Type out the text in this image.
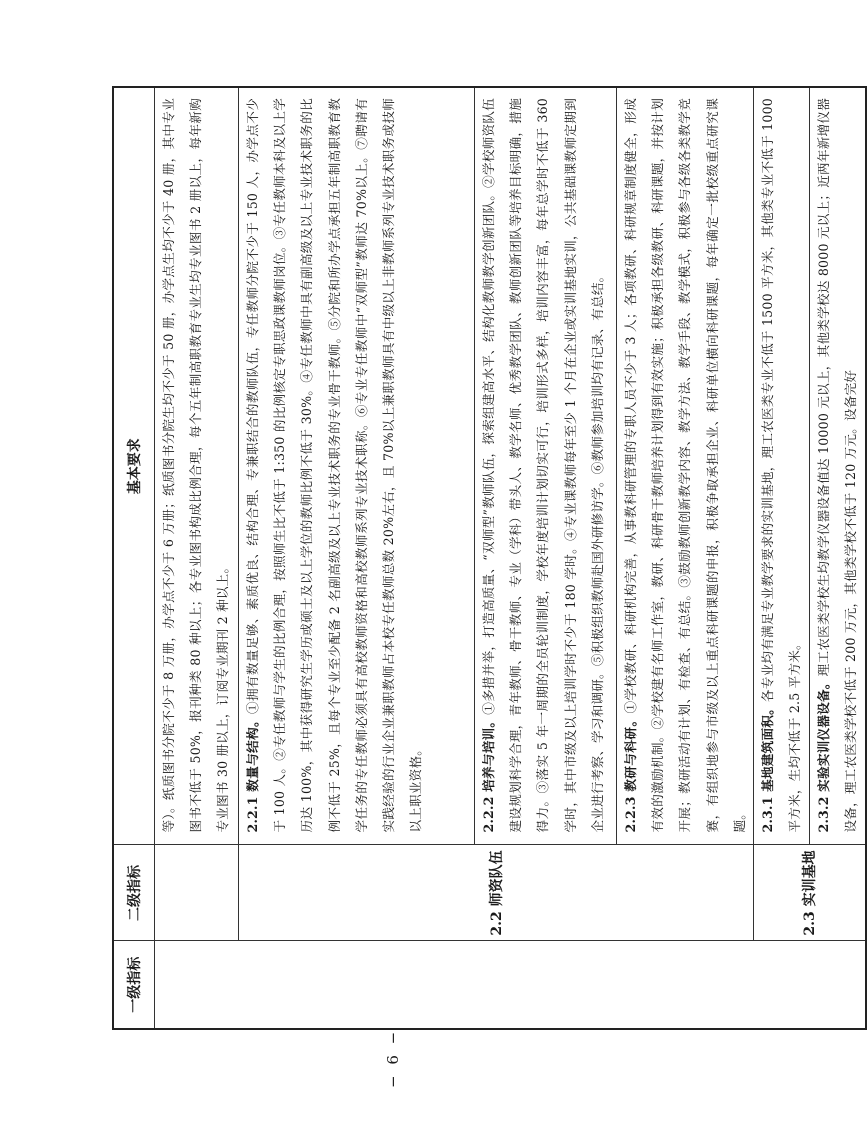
一级指标	二级指标	基本要求

		等）。纸质图书分院不少于 8 万册，办学点不少于 6 万册；纸质图书分院生均不少于 50 册，办学点生均不少于 40 册，其中专业图书不低于 50%，报刊种类 80 种以上；各专业图书构成比例合理，每个五年制高职教育专业生均专业图书 2 册以上，每年新购专业图书 30 册以上，订阅专业期刊 2 种以上。

	2.2 师资队伍	2.2.1 数量与结构。①拥有数量足够、素质优良、结构合理、专兼职结合的教师队伍，专任教师分院不少于 150 人，办学点不少于 100 人。②专任教师与学生的比例合理，按照师生比不低于 1:350 的比例核定专职思政课教师岗位。③专任教师本科及以上学历达 100%，其中获得研究生学历或硕士及以上学位的教师比例不低于 30%。④专任教师中具有副高级及以上专业技术职务的比例不低于 25%，且每个专业至少配备 2 名副高级及以上专业技术职务的专业骨干教师。⑤分院和所办学点承担五年制高职教育教学任务的专任教师必须具有高校教师资格和高校教师系列专业技术职称。⑥专业专任教师中“双师型”教师达 70%以上。⑦聘请有实践经验的行业企业兼职教师占本校专任教师总数 20%左右，且 70%以上兼职教师具有中级以上非教师系列专业技术职务或技师以上职业资格。

		2.2.2 培养与培训。①多措并举，打造高质量、“双师型”教师队伍，探索组建高水平、结构化教师教学创新团队。②学校师资队伍建设规划科学合理，青年教师、骨干教师、专业（学科）带头人、教学名师、优秀教学团队、教师创新团队等培养目标明确，措施得力。③落实 5 年一周期的全员轮训制度，学校年度培训计划切实可行，培训形式多样，培训内容丰富，每年总学时不低于 360 学时，其中市级及以上培训学时不少于 180 学时。④专业课教师每年至少 1 个月在企业或实训基地实训，公共基础课教师定期到企业进行考察、学习和调研。⑤积极组织教师赴国外研修访学。⑥教师参加培训均有记录、有总结。

		2.2.3 教研与科研。①学校教研、科研机构完善，从事教科研管理的专职人员不少于 3 人；各项教研、科研规章制度健全，形成有效的激励机制。②学校建有名师工作室，教研、科研骨干教师培养计划得到有效实施；积极承担各级教研、科研课题，并按计划开展；教研活动有计划、有检查、有总结。③鼓励教师创新教学内容、教学方法、教学手段、教学模式，积极参与各级各类教学竞赛，有组织地参与市级及以上重点科研课题的申报，积极争取承担企业、科研单位横向科研课题，每年确定一批校级重点研究课题。

	2.3 实训基地	2.3.1 基地建筑面积。各专业均有满足专业教学要求的实训基地，理工农医类专业不低于 1500 平方米，其他类专业不低于 1000 平方米，生均不低于 2.5 平方米。

		2.3.2 实验实训仪器设备。理工农医类学校生均教学仪器设备值达 10000 元以上，其他类学校达 8000 元以上；近两年新增仪器设备，理工农医类学校不低于 200 万元，其他类学校不低于 120 万元。设备完好

− 6 −
